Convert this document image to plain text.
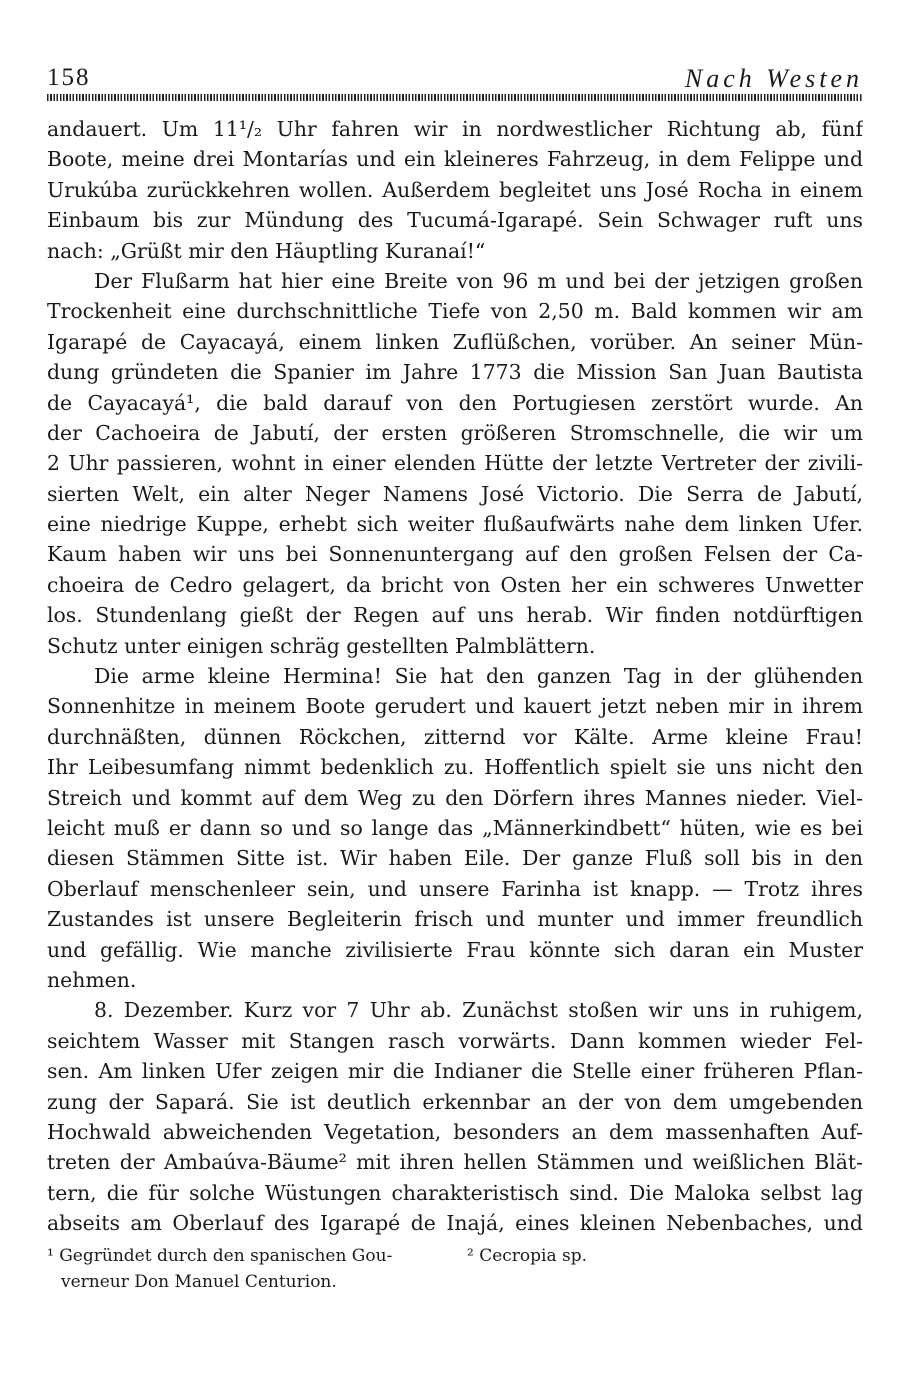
158	Nach Westen
andauert. Um 11¹/₂ Uhr fahren wir in nordwestlicher Richtung ab, fünf
Boote, meine drei Montarías und ein kleineres Fahrzeug, in dem Felippe und
Urukúba zurückkehren wollen. Außerdem begleitet uns José Rocha in einem
Einbaum bis zur Mündung des Tucumá-Igarapé. Sein Schwager ruft uns
nach: „Grüßt mir den Häuptling Kuranaí!“
Der Flußarm hat hier eine Breite von 96 m und bei der jetzigen großen
Trockenheit eine durchschnittliche Tiefe von 2,50 m. Bald kommen wir am
Igarapé de Cayacayá, einem linken Zuflüßchen, vorüber. An seiner Mün-
dung gründeten die Spanier im Jahre 1773 die Mission San Juan Bautista
de Cayacayá¹, die bald darauf von den Portugiesen zerstört wurde. An
der Cachoeira de Jabutí, der ersten größeren Stromschnelle, die wir um
2 Uhr passieren, wohnt in einer elenden Hütte der letzte Vertreter der zivili-
sierten Welt, ein alter Neger Namens José Victorio. Die Serra de Jabutí,
eine niedrige Kuppe, erhebt sich weiter flußaufwärts nahe dem linken Ufer.
Kaum haben wir uns bei Sonnenuntergang auf den großen Felsen der Ca-
choeira de Cedro gelagert, da bricht von Osten her ein schweres Unwetter
los. Stundenlang gießt der Regen auf uns herab. Wir finden notdürftigen
Schutz unter einigen schräg gestellten Palmblättern.
Die arme kleine Hermina! Sie hat den ganzen Tag in der glühenden
Sonnenhitze in meinem Boote gerudert und kauert jetzt neben mir in ihrem
durchnäßten, dünnen Röckchen, zitternd vor Kälte. Arme kleine Frau!
Ihr Leibesumfang nimmt bedenklich zu. Hoffentlich spielt sie uns nicht den
Streich und kommt auf dem Weg zu den Dörfern ihres Mannes nieder. Viel-
leicht muß er dann so und so lange das „Männerkindbett“ hüten, wie es bei
diesen Stämmen Sitte ist. Wir haben Eile. Der ganze Fluß soll bis in den
Oberlauf menschenleer sein, und unsere Farinha ist knapp. — Trotz ihres
Zustandes ist unsere Begleiterin frisch und munter und immer freundlich
und gefällig. Wie manche zivilisierte Frau könnte sich daran ein Muster
nehmen.
8. Dezember. Kurz vor 7 Uhr ab. Zunächst stoßen wir uns in ruhigem,
seichtem Wasser mit Stangen rasch vorwärts. Dann kommen wieder Fel-
sen. Am linken Ufer zeigen mir die Indianer die Stelle einer früheren Pflan-
zung der Sapará. Sie ist deutlich erkennbar an der von dem umgebenden
Hochwald abweichenden Vegetation, besonders an dem massenhaften Auf-
treten der Ambaúva-Bäume² mit ihren hellen Stämmen und weißlichen Blät-
tern, die für solche Wüstungen charakteristisch sind. Die Maloka selbst lag
abseits am Oberlauf des Igarapé de Inajá, eines kleinen Nebenbaches, und
¹ Gegründet durch den spanischen Gou-
verneur Don Manuel Centurion.
² Cecropia sp.
